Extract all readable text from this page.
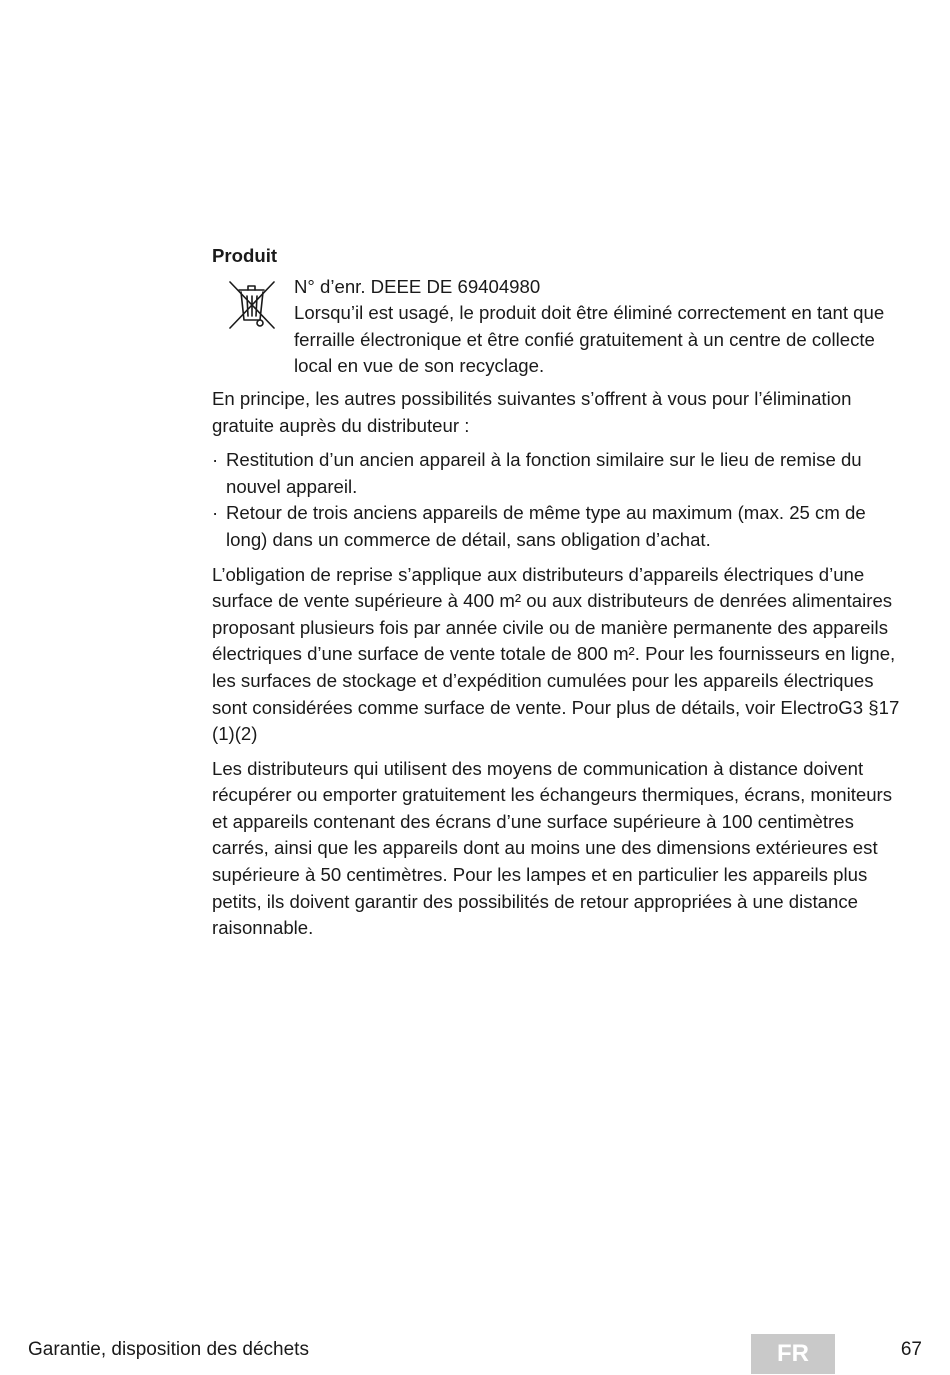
Produit
N° d’enr. DEEE DE 69404980
Lorsqu’il est usagé, le produit doit être éliminé correctement en tant que ferraille électronique et être confié gratuitement à un centre de collecte local en vue de son recyclage.

En principe, les autres possibilités suivantes s’offrent à vous pour l’élimination gratuite auprès du distributeur :

· Restitution d’un ancien appareil à la fonction similaire sur le lieu de remise du nouvel appareil.
· Retour de trois anciens appareils de même type au maximum (max. 25 cm de long) dans un commerce de détail, sans obligation d’achat.

L’obligation de reprise s’applique aux distributeurs d’appareils électriques d’une surface de vente supérieure à 400 m² ou aux distributeurs de denrées alimentaires proposant plusieurs fois par année civile ou de manière permanente des appareils électriques d’une surface de vente totale de 800 m². Pour les fournisseurs en ligne, les surfaces de stockage et d’expédition cumulées pour les appareils électriques sont considérées comme surface de vente. Pour plus de détails, voir ElectroG3 §17 (1)(2)

Les distributeurs qui utilisent des moyens de communication à distance doivent récupérer ou emporter gratuitement les échangeurs thermiques, écrans, moniteurs et appareils contenant des écrans d’une surface supérieure à 100 centimètres carrés, ainsi que les appareils dont au moins une des dimensions extérieures est supérieure à 50 centimètres. Pour les lampes et en particulier les appareils plus petits, ils doivent garantir des possibilités de retour appropriées à une distance raisonnable.

Garantie, disposition des déchets	FR	67
